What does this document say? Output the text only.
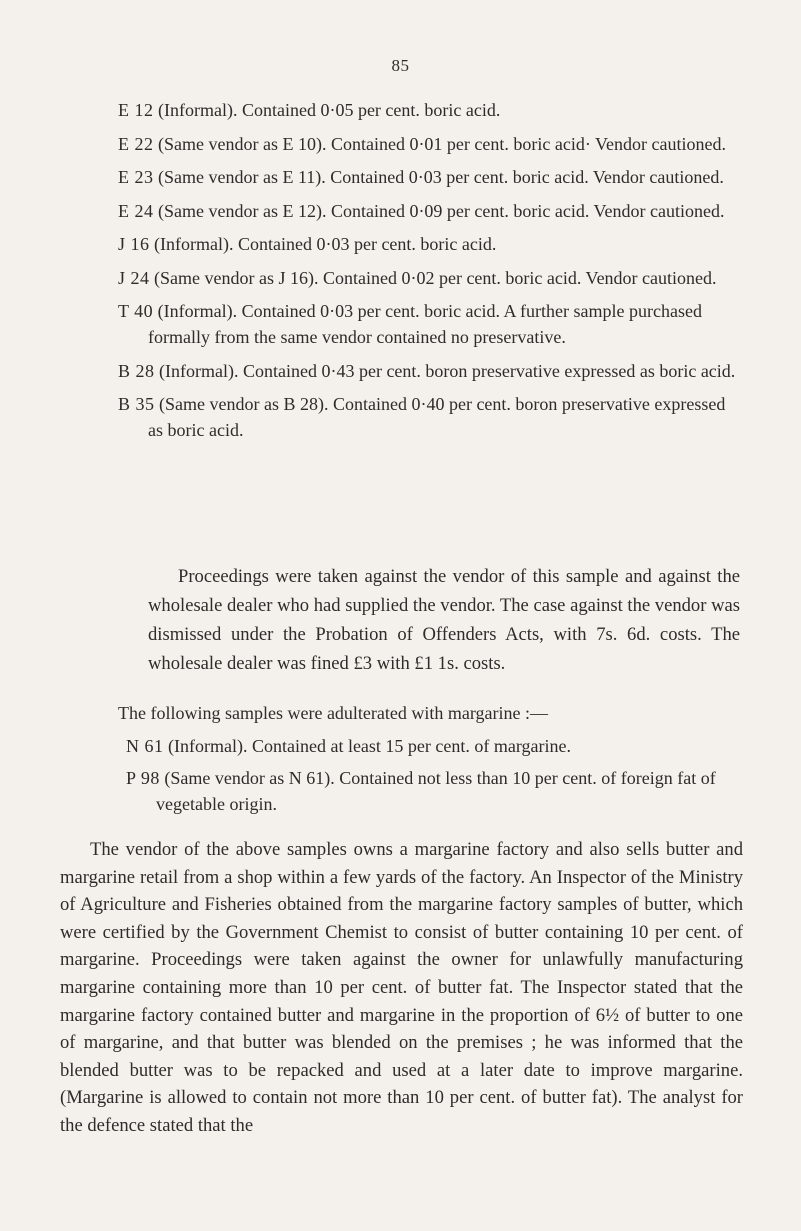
85

E 12 (Informal). Contained 0·05 per cent. boric acid.

E 22 (Same vendor as E 10). Contained 0·01 per cent. boric acid· Vendor cautioned.

E 23 (Same vendor as E 11). Contained 0·03 per cent. boric acid. Vendor cautioned.

E 24 (Same vendor as E 12). Contained 0·09 per cent. boric acid. Vendor cautioned.

J 16 (Informal). Contained 0·03 per cent. boric acid.

J 24 (Same vendor as J 16). Contained 0·02 per cent. boric acid. Vendor cautioned.

T 40 (Informal). Contained 0·03 per cent. boric acid. A further sample purchased formally from the same vendor contained no preservative.

B 28 (Informal). Contained 0·43 per cent. boron preservative expressed as boric acid.

B 35 (Same vendor as B 28). Contained 0·40 per cent. boron preservative expressed as boric acid.

Proceedings were taken against the vendor of this sample and against the wholesale dealer who had supplied the vendor. The case against the vendor was dismissed under the Probation of Offenders Acts, with 7s. 6d. costs. The wholesale dealer was fined £3 with £1 1s. costs.

The following samples were adulterated with margarine :—

N 61 (Informal). Contained at least 15 per cent. of margarine.

P 98 (Same vendor as N 61). Contained not less than 10 per cent. of foreign fat of vegetable origin.

The vendor of the above samples owns a margarine factory and also sells butter and margarine retail from a shop within a few yards of the factory. An Inspector of the Ministry of Agriculture and Fisheries obtained from the margarine factory samples of butter, which were certified by the Government Chemist to consist of butter containing 10 per cent. of margarine. Proceedings were taken against the owner for unlawfully manufacturing margarine containing more than 10 per cent. of butter fat. The Inspector stated that the margarine factory contained butter and margarine in the proportion of 6½ of butter to one of margarine, and that butter was blended on the premises ; he was informed that the blended butter was to be repacked and used at a later date to improve margarine. (Margarine is allowed to contain not more than 10 per cent. of butter fat). The analyst for the defence stated that the
